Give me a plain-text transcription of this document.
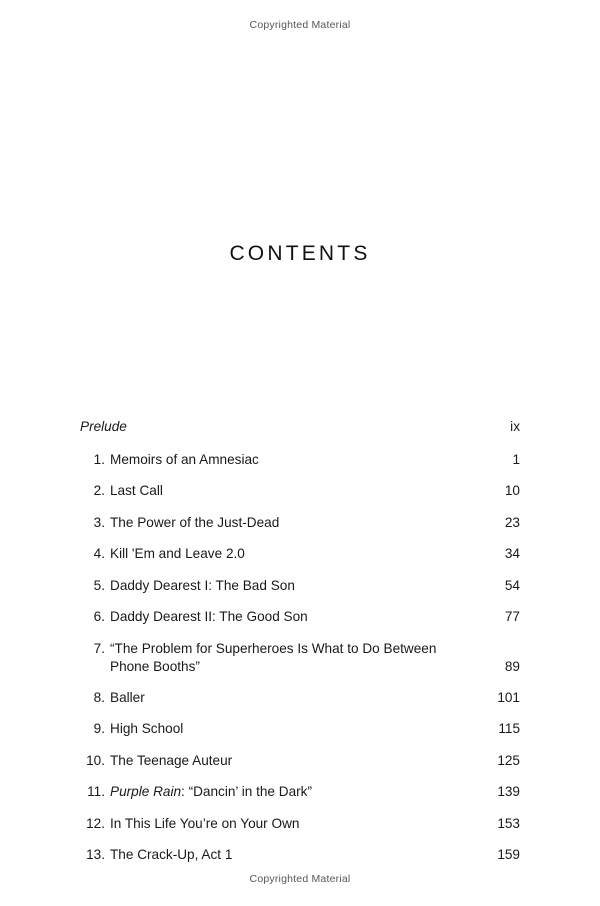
Copyrighted Material
CONTENTS
Prelude	ix
1. Memoirs of an Amnesiac	1
2. Last Call	10
3. The Power of the Just-Dead	23
4. Kill 'Em and Leave 2.0	34
5. Daddy Dearest I: The Bad Son	54
6. Daddy Dearest II: The Good Son	77
7. “The Problem for Superheroes Is What to Do Between Phone Booths”	89
8. Baller	101
9. High School	115
10. The Teenage Auteur	125
11. Purple Rain: “Dancin’ in the Dark”	139
12. In This Life You’re on Your Own	153
13. The Crack-Up, Act 1	159
Copyrighted Material
